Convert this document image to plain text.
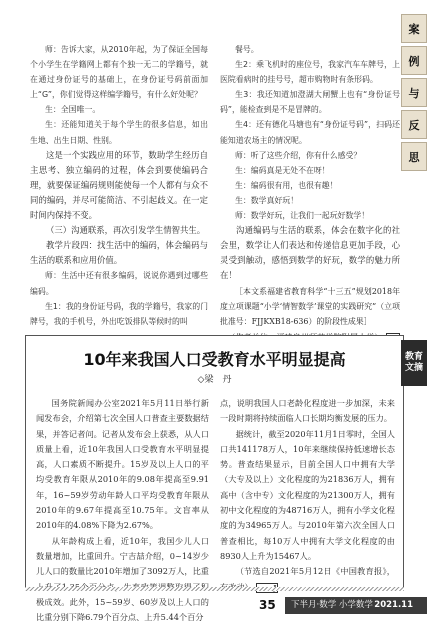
师：告诉大家，从2010年起，为了保证全国每个小学生在学籍网上都有个独一无二的学籍号，就在通过身份证号的基础上，在身份证号码前面加上“G”，你们觉得这样编学籍号，有什么好处呢？

生：全国唯一。

生：还能知道关于每个学生的很多信息，如出生地、出生日期、性别。

这是一个实践应用的环节，数助学生经历自主思考、独立编码的过程，体会到要使编码合理，就要保证编码规则能使每一个人都有与众不同的编码，并尽可能简洁、不引起歧义。在一定时间内保持不变。

（三）沟通联系，再次引发学生情智共生。

教学片段四：找生活中的编码，体会编码与生活的联系和应用价值。

师：生活中还有很多编码，说说你遇到过哪些编码。

生1：我的身份证号码，我的学籍号，我家的门牌号，我的手机号，外出吃饭排队等候时的叫

餐号。

生2：乘飞机时的座位号，我家汽车车牌号，上医院看病时的挂号号，超市购物时有条形码。

生3：我还知道加澄湖大闸蟹上也有“身份证号码”，能检查到是不是冒牌的。

生4：还有德化马塘也有“身份证号码”，扫码还能知道农场主的情况呢。

师：听了这些介绍，你有什么感受？

生：编码真是无处不在呀！

生：编码很有用，也很有趣！

生：数学真好玩！

师：数学好玩，让我们一起玩好数学！

沟通编码与生活的联系，体会在数字化的社会里，数学让人们表达和传递信息更加手段，心灵受到触动，感悟到数学的好玩，数学的魅力所在！

［本文系福建省教育科学“十三五”规划2018年度立项课题“小学‘情智数学’课堂的实践研究”（立项批准号：FJJKXB18-636）的阶段性成果］

10年来我国人口受教育水平明显提高
◇梁　丹

国务院新闻办公室2021年5月11日举行新闻发布会，介绍第七次全国人口普查主要数据结果，并答记者问。记者从发布会上获悉，从人口质量上看，近10年我国人口受教育水平明显提高，人口素质不断提升。15岁及以上人口的平均受教育年限从2010年的9.08年提高至9.91年，16~59岁劳动年龄人口平均受教育年限从2010年的9.67年提高至10.75年。文盲率从2010年的4.08%下降为2.67%。

从年龄构成上看，近10年，我国少儿人口数量增加，比重回升。宁吉喆介绍，0~14岁少儿人口的数量比2010年增加了3092万人，比重 极成效。此外，15~59岁、60岁及以上人口的比重分别下降6.79个百分点、上升5.44个百分

点，说明我国人口老龄化程度进一步加深，未来一段时期将持续面临人口长期均衡发展的压力。

据统计，截至2020年11月1日零时，全国人口共141178万人，10年来继续保持低速增长态势。普查结果显示，目前全国人口中拥有大学（大专及以上）文化程度的为21836万人，拥有高中（含中专）文化程度的为21300万人，拥有初中文化程度的为48716万人，拥有小学文化程度的为34965万人。与2010年第六次全国人口普查相比，每10万人中拥有大学文化程度的由8930人上升为15467人。

（节选自2021年5月12日《中国教育报》，

案
例
与
反
思
教育文摘
35 下半月·数学 小学数学 2021.11
